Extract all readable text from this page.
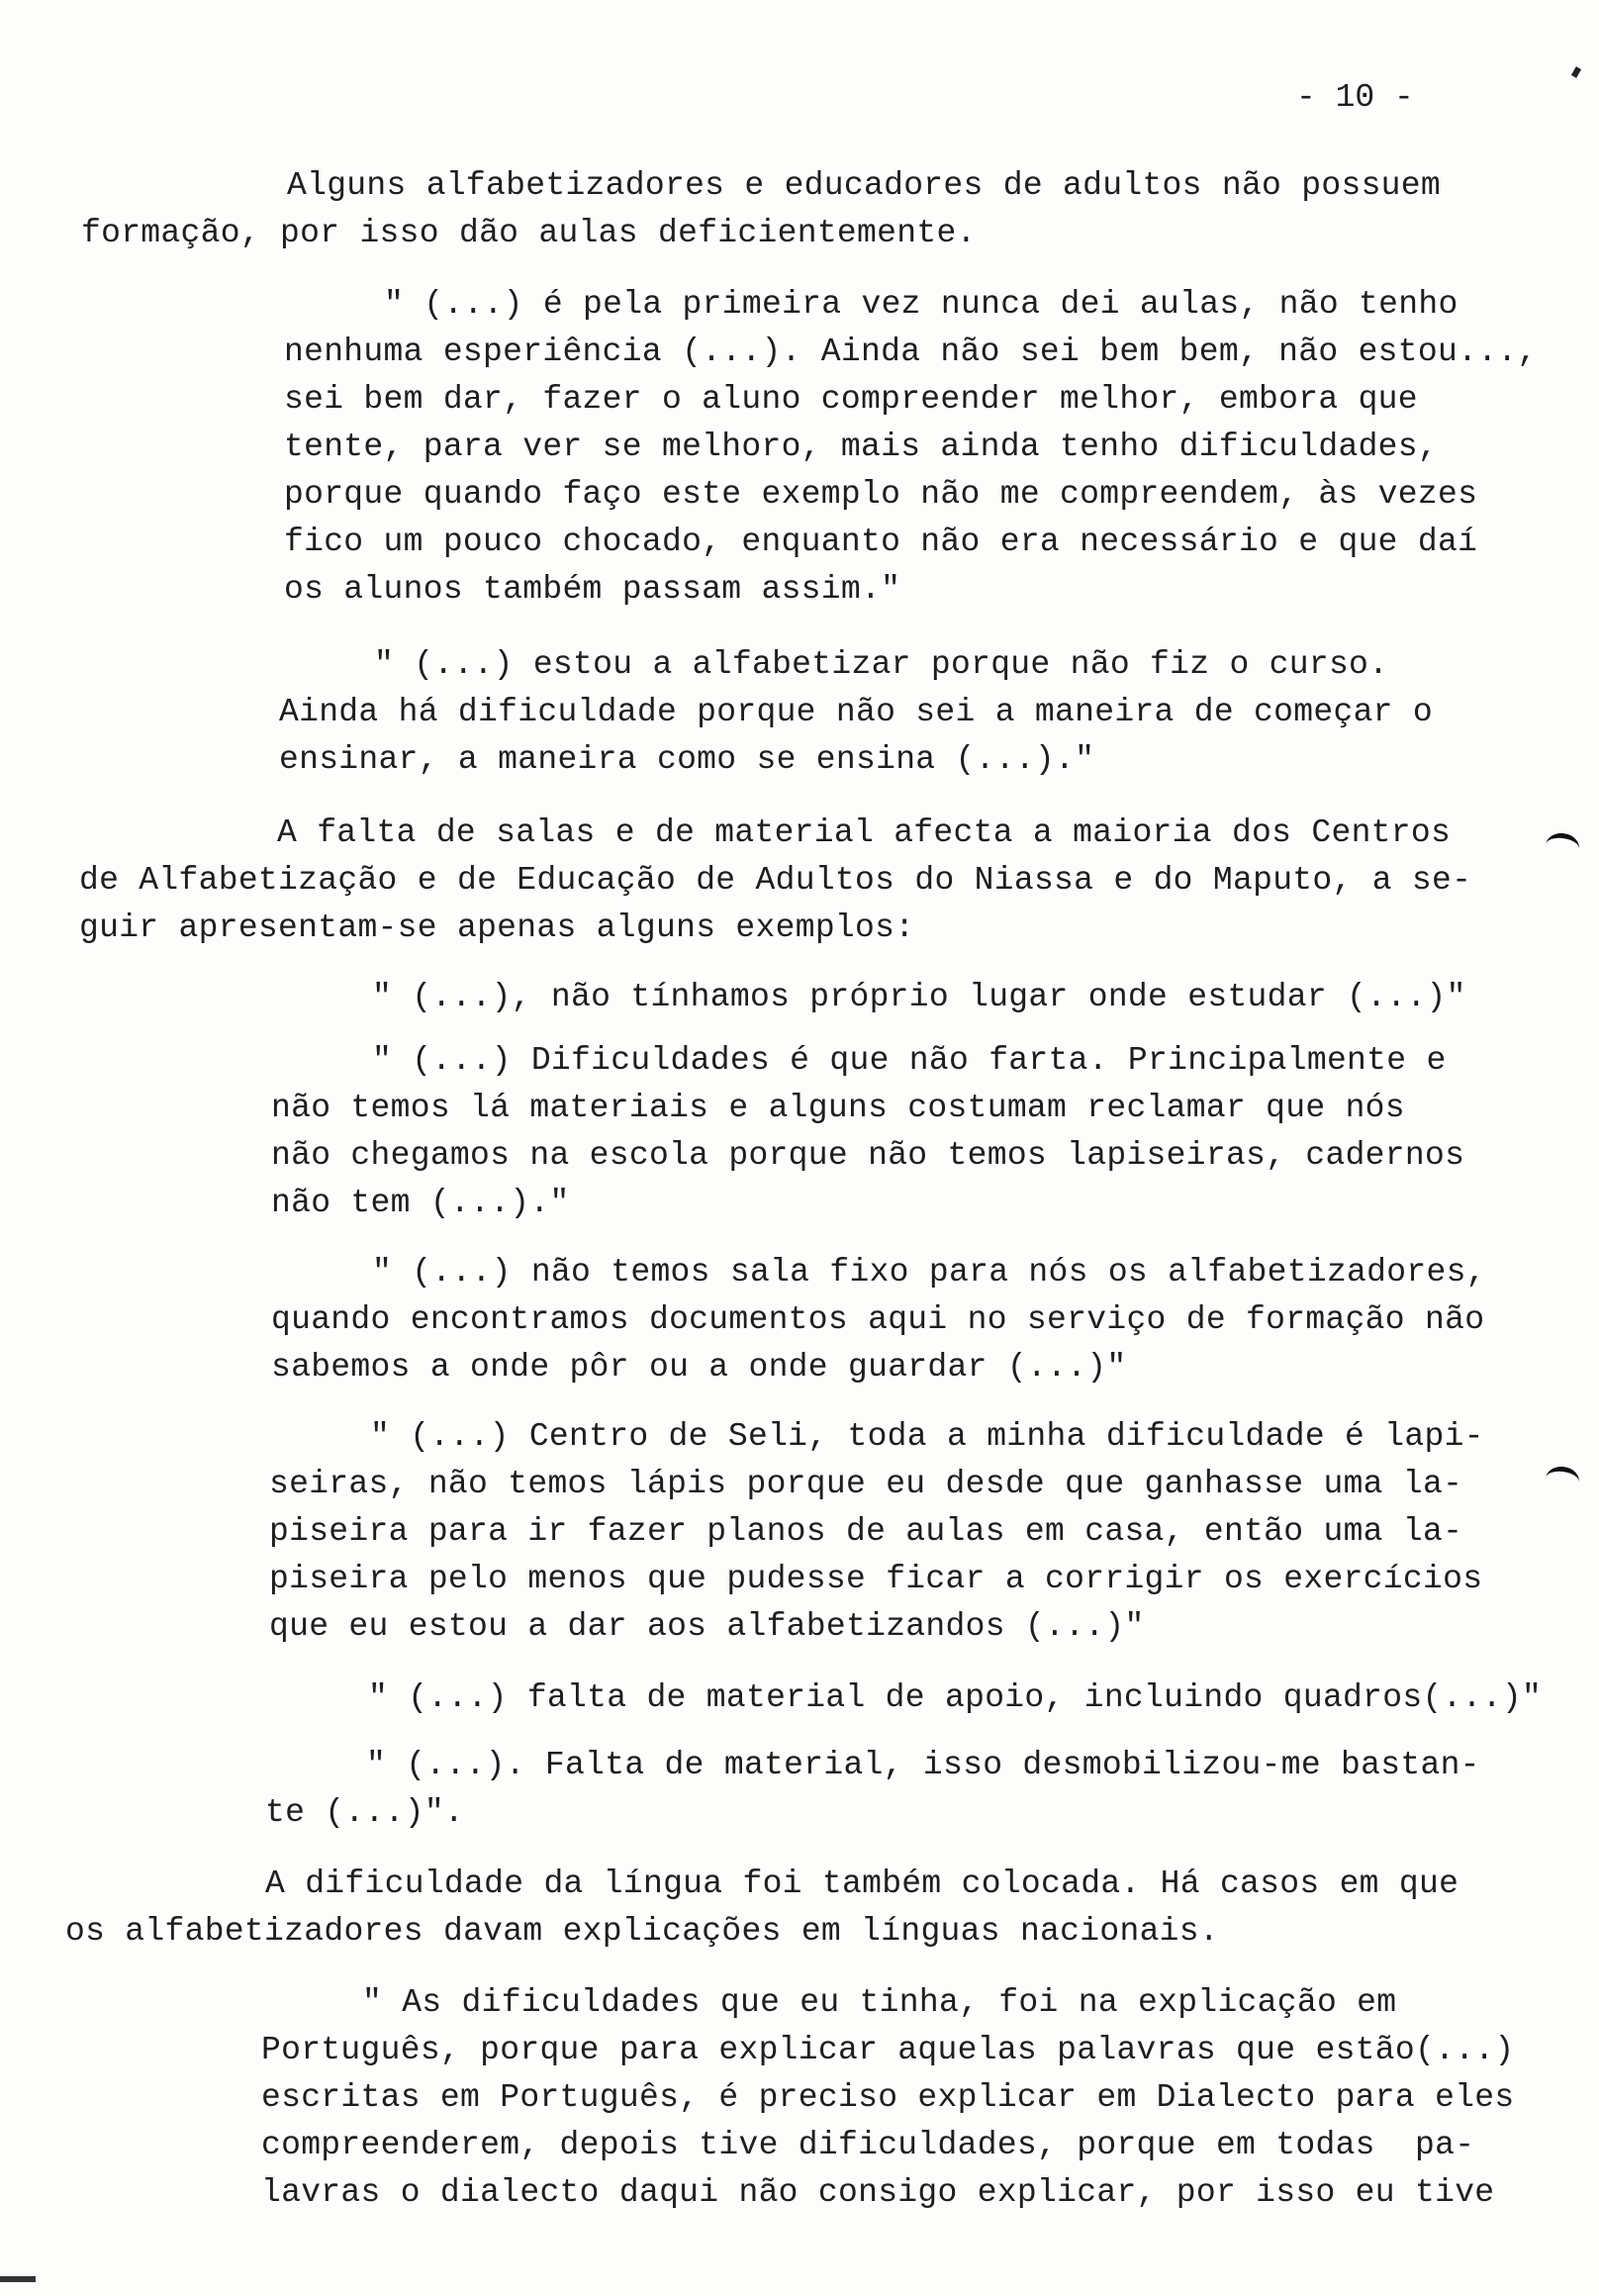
- 10 -
Alguns alfabetizadores e educadores de adultos não possuem
formação, por isso dão aulas deficientemente.
" (...) é pela primeira vez nunca dei aulas, não tenho
nenhuma esperiência (...). Ainda não sei bem bem, não estou...,
sei bem dar, fazer o aluno compreender melhor, embora que
tente, para ver se melhoro, mais ainda tenho dificuldades,
porque quando faço este exemplo não me compreendem, às vezes
fico um pouco chocado, enquanto não era necessário e que daí
os alunos também passam assim."
" (...) estou a alfabetizar porque não fiz o curso.
Ainda há dificuldade porque não sei a maneira de começar o
ensinar, a maneira como se ensina (...)."
A falta de salas e de material afecta a maioria dos Centros
de Alfabetização e de Educação de Adultos do Niassa e do Maputo, a se-
guir apresentam-se apenas alguns exemplos:
" (...), não tínhamos próprio lugar onde estudar (...)"
" (...) Dificuldades é que não farta. Principalmente e
não temos lá materiais e alguns costumam reclamar que nós
não chegamos na escola porque não temos lapiseiras, cadernos
não tem (...)."
" (...) não temos sala fixo para nós os alfabetizadores,
quando encontramos documentos aqui no serviço de formação não
sabemos a onde pôr ou a onde guardar (...)"
" (...) Centro de Seli, toda a minha dificuldade é lapi-
seiras, não temos lápis porque eu desde que ganhasse uma la-
piseira para ir fazer planos de aulas em casa, então uma la-
piseira pelo menos que pudesse ficar a corrigir os exercícios
que eu estou a dar aos alfabetizandos (...)"
" (...) falta de material de apoio, incluindo quadros(...)"
" (...). Falta de material, isso desmobilizou-me bastan-
te (...)".
A dificuldade da língua foi também colocada. Há casos em que
os alfabetizadores davam explicações em línguas nacionais.
" As dificuldades que eu tinha, foi na explicação em
Português, porque para explicar aquelas palavras que estão(...)
escritas em Português, é preciso explicar em Dialecto para eles
compreenderem, depois tive dificuldades, porque em todas  pa-
lavras o dialecto daqui não consigo explicar, por isso eu tive
